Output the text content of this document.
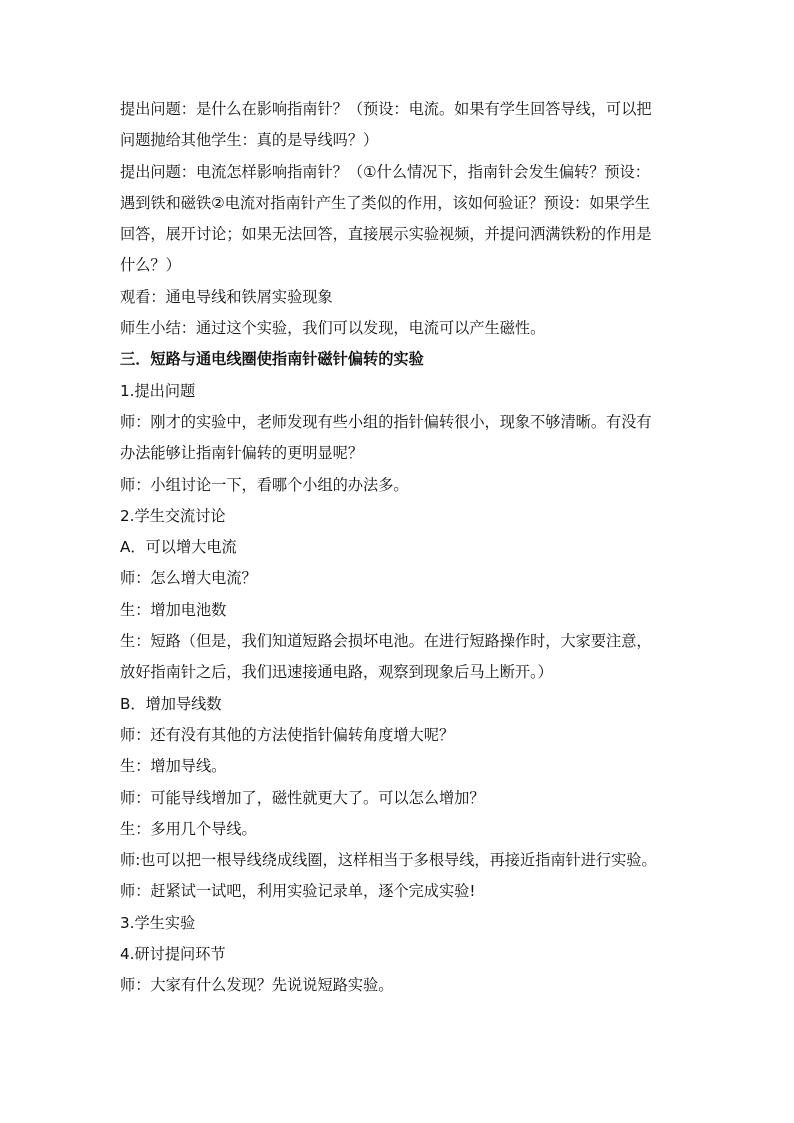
提出问题：是什么在影响指南针？（预设：电流。如果有学生回答导线，可以把
问题抛给其他学生：真的是导线吗？）
提出问题：电流怎样影响指南针？（①什么情况下，指南针会发生偏转？预设：
遇到铁和磁铁②电流对指南针产生了类似的作用，该如何验证？预设：如果学生
回答，展开讨论；如果无法回答，直接展示实验视频，并提问洒满铁粉的作用是
什么？）
观看：通电导线和铁屑实验现象
师生小结：通过这个实验，我们可以发现，电流可以产生磁性。
三．短路与通电线圈使指南针磁针偏转的实验
1.提出问题
师：刚才的实验中，老师发现有些小组的指针偏转很小，现象不够清晰。有没有
办法能够让指南针偏转的更明显呢？
师：小组讨论一下，看哪个小组的办法多。
2.学生交流讨论
A．可以增大电流
师：怎么增大电流？
生：增加电池数
生：短路（但是，我们知道短路会损坏电池。在进行短路操作时，大家要注意，
放好指南针之后，我们迅速接通电路，观察到现象后马上断开。）
B．增加导线数
师：还有没有其他的方法使指针偏转角度增大呢？
生：增加导线。
师：可能导线增加了，磁性就更大了。可以怎么增加？
生：多用几个导线。
师:也可以把一根导线绕成线圈，这样相当于多根导线，再接近指南针进行实验。
师：赶紧试一试吧，利用实验记录单，逐个完成实验!
3.学生实验
4.研讨提问环节
师：大家有什么发现？先说说短路实验。
